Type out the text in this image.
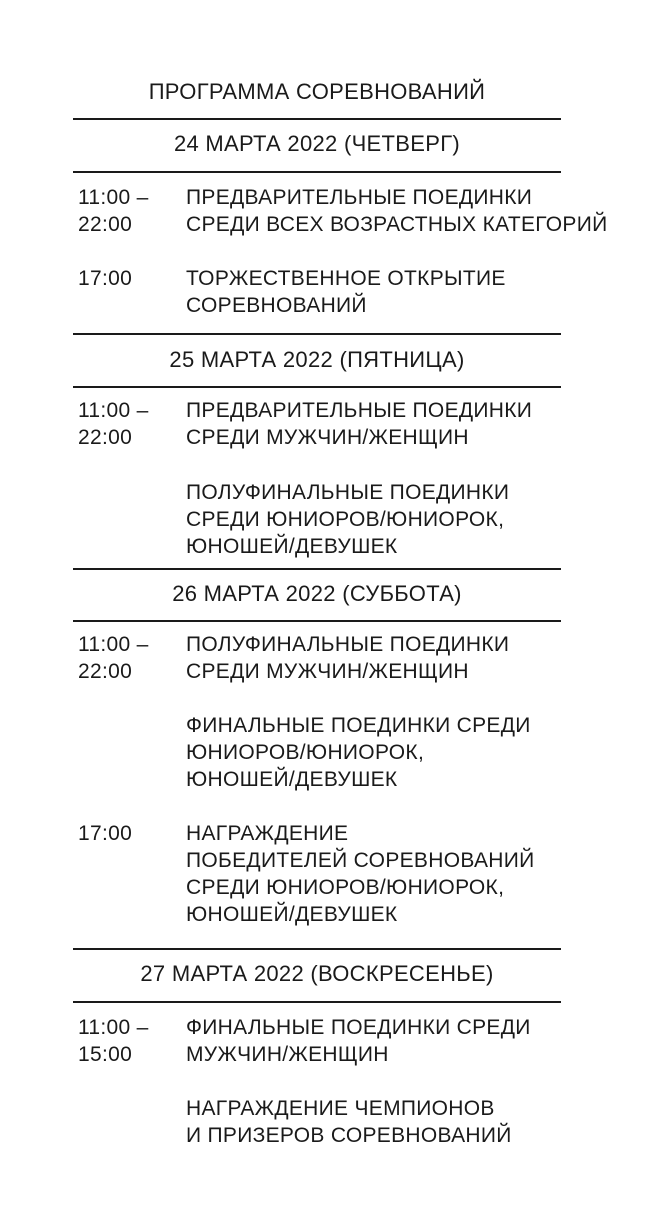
ПРОГРАММА СОРЕВНОВАНИЙ
24 МАРТА 2022 (ЧЕТВЕРГ)
11:00 –
22:00
ПРЕДВАРИТЕЛЬНЫЕ ПОЕДИНКИ
СРЕДИ ВСЕХ ВОЗРАСТНЫХ КАТЕГОРИЙ
17:00	ТОРЖЕСТВЕННОЕ ОТКРЫТИЕ
СОРЕВНОВАНИЙ
25 МАРТА 2022 (ПЯТНИЦА)
11:00 –
22:00
ПРЕДВАРИТЕЛЬНЫЕ ПОЕДИНКИ
СРЕДИ МУЖЧИН/ЖЕНЩИН
ПОЛУФИНАЛЬНЫЕ ПОЕДИНКИ
СРЕДИ ЮНИОРОВ/ЮНИОРОК,
ЮНОШЕЙ/ДЕВУШЕК
26 МАРТА 2022 (СУББОТА)
11:00 –
22:00
ПОЛУФИНАЛЬНЫЕ ПОЕДИНКИ
СРЕДИ МУЖЧИН/ЖЕНЩИН
ФИНАЛЬНЫЕ ПОЕДИНКИ СРЕДИ
ЮНИОРОВ/ЮНИОРОК,
ЮНОШЕЙ/ДЕВУШЕК
17:00	НАГРАЖДЕНИЕ
ПОБЕДИТЕЛЕЙ СОРЕВНОВАНИЙ
СРЕДИ ЮНИОРОВ/ЮНИОРОК,
ЮНОШЕЙ/ДЕВУШЕК
27 МАРТА 2022 (ВОСКРЕСЕНЬЕ)
11:00 –
15:00
ФИНАЛЬНЫЕ ПОЕДИНКИ СРЕДИ
МУЖЧИН/ЖЕНЩИН
НАГРАЖДЕНИЕ ЧЕМПИОНОВ
И ПРИЗЕРОВ СОРЕВНОВАНИЙ
